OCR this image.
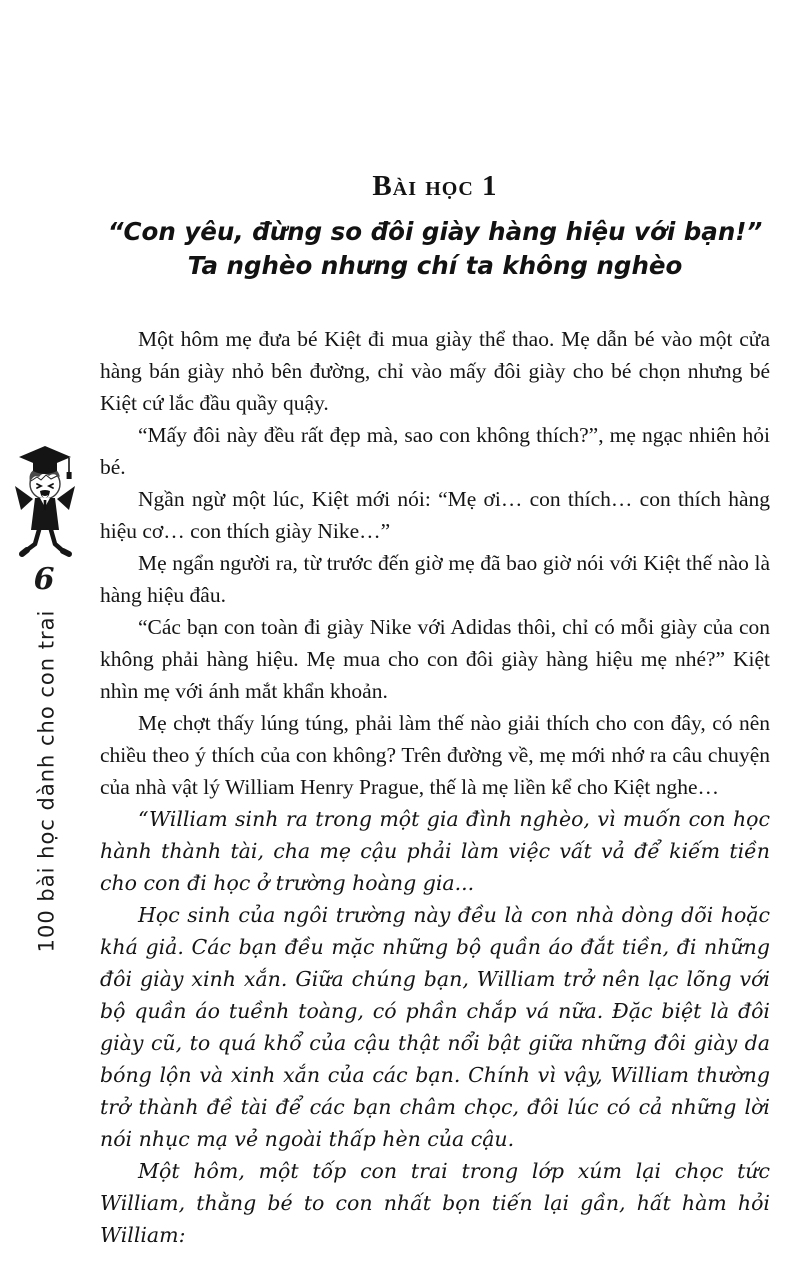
6
100 bài học dành cho con trai
Bài học 1
“Con yêu, đừng so đôi giày hàng hiệu với bạn!”
Ta nghèo nhưng chí ta không nghèo

Một hôm mẹ đưa bé Kiệt đi mua giày thể thao. Mẹ dẫn bé vào một cửa hàng bán giày nhỏ bên đường, chỉ vào mấy đôi giày cho bé chọn nhưng bé Kiệt cứ lắc đầu quầy quậy.

“Mấy đôi này đều rất đẹp mà, sao con không thích?”, mẹ ngạc nhiên hỏi bé.

Ngần ngừ một lúc, Kiệt mới nói: “Mẹ ơi… con thích… con thích hàng hiệu cơ… con thích giày Nike…”

Mẹ ngẩn người ra, từ trước đến giờ mẹ đã bao giờ nói với Kiệt thế nào là hàng hiệu đâu.

“Các bạn con toàn đi giày Nike với Adidas thôi, chỉ có mỗi giày của con không phải hàng hiệu. Mẹ mua cho con đôi giày hàng hiệu mẹ nhé?” Kiệt nhìn mẹ với ánh mắt khẩn khoản.

Mẹ chợt thấy lúng túng, phải làm thế nào giải thích cho con đây, có nên chiều theo ý thích của con không? Trên đường về, mẹ mới nhớ ra câu chuyện của nhà vật lý William Henry Prague, thế là mẹ liền kể cho Kiệt nghe…

“William sinh ra trong một gia đình nghèo, vì muốn con học hành thành tài, cha mẹ cậu phải làm việc vất vả để kiếm tiền cho con đi học ở trường hoàng gia...

Học sinh của ngôi trường này đều là con nhà dòng dõi hoặc khá giả. Các bạn đều mặc những bộ quần áo đắt tiền, đi những đôi giày xinh xắn. Giữa chúng bạn, William trở nên lạc lõng với bộ quần áo tuềnh toàng, có phần chắp vá nữa. Đặc biệt là đôi giày cũ, to quá khổ của cậu thật nổi bật giữa những đôi giày da bóng lộn và xinh xắn của các bạn. Chính vì vậy, William thường trở thành đề tài để các bạn châm chọc, đôi lúc có cả những lời nói nhục mạ vẻ ngoài thấp hèn của cậu.

Một hôm, một tốp con trai trong lớp xúm lại chọc tức William, thằng bé to con nhất bọn tiến lại gần, hất hàm hỏi William:
